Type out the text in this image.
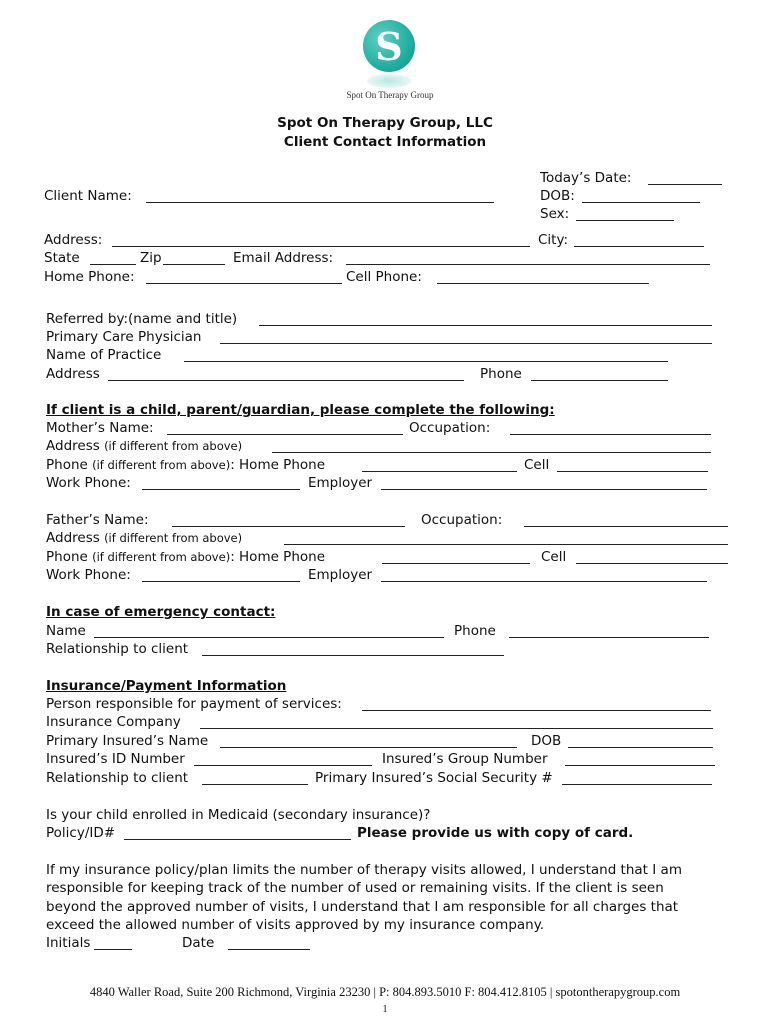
S
Spot On Therapy Group
Spot On Therapy Group, LLC
Client Contact Information
Today’s Date:
DOB:
Sex:
Client Name:
Address:	City:
State	Zip	Email Address:
Home Phone:	Cell Phone:
Referred by:(name and title)
Primary Care Physician
Name of Practice
Address	Phone
If client is a child, parent/guardian, please complete the following:
Mother’s Name:	Occupation:
Address (if different from above)
Phone (if different from above): Home Phone	Cell
Work Phone:	Employer
Father’s Name:	Occupation:
Address (if different from above)
Phone (if different from above): Home Phone	Cell
Work Phone:	Employer
In case of emergency contact:
Name	Phone
Relationship to client
Insurance/Payment Information
Person responsible for payment of services:
Insurance Company
Primary Insured’s Name	DOB
Insured’s ID Number	Insured’s Group Number
Relationship to client	Primary Insured’s Social Security #
Is your child enrolled in Medicaid (secondary insurance)?
Policy/ID#	Please provide us with copy of card.
If my insurance policy/plan limits the number of therapy visits allowed, I understand that I am
responsible for keeping track of the number of used or remaining visits. If the client is seen
beyond the approved number of visits, I understand that I am responsible for all charges that
exceed the allowed number of visits approved by my insurance company.
Initials	Date
4840 Waller Road, Suite 200 Richmond, Virginia 23230 | P: 804.893.5010 F: 804.412.8105 | spotontherapygroup.com
1
